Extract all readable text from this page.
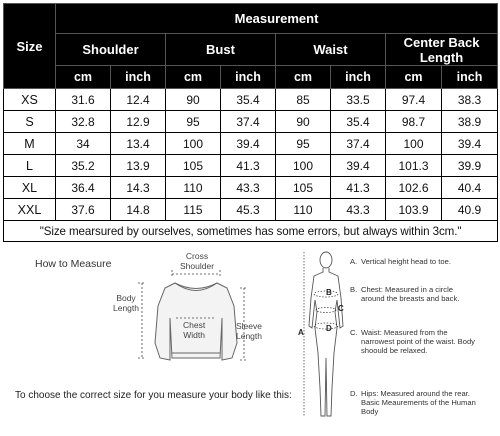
Size	Measurement							
	Shoulder		Bust		Waist		Center Back Length	
	cm	inch	cm	inch	cm	inch	cm	inch
XS	31.6	12.4	90	35.4	85	33.5	97.4	38.3
S	32.8	12.9	95	37.4	90	35.4	98.7	38.9
M	34	13.4	100	39.4	95	37.4	100	39.4
L	35.2	13.9	105	41.3	100	39.4	101.3	39.9
XL	36.4	14.3	110	43.3	105	41.3	102.6	40.4
XXL	37.6	14.8	115	45.3	110	43.3	103.9	40.9
"Size mearsured by ourselves, sometimes has some errors, but always within 3cm."								
How to Measure
Cross
Shoulder
Body
Length
Chest
Width
Sleeve
Length	A
B
C
D
A. Vertical height head to toe.
B. Chest: Measured in a circle around the breasts and back.
C. Waist: Measured from the narrowest point of the waist. Body shoould be relaxed.
D. Hips: Measured around the rear. Basic Meaurements of the Human Body
To choose the correct size for you measure your body like this:
